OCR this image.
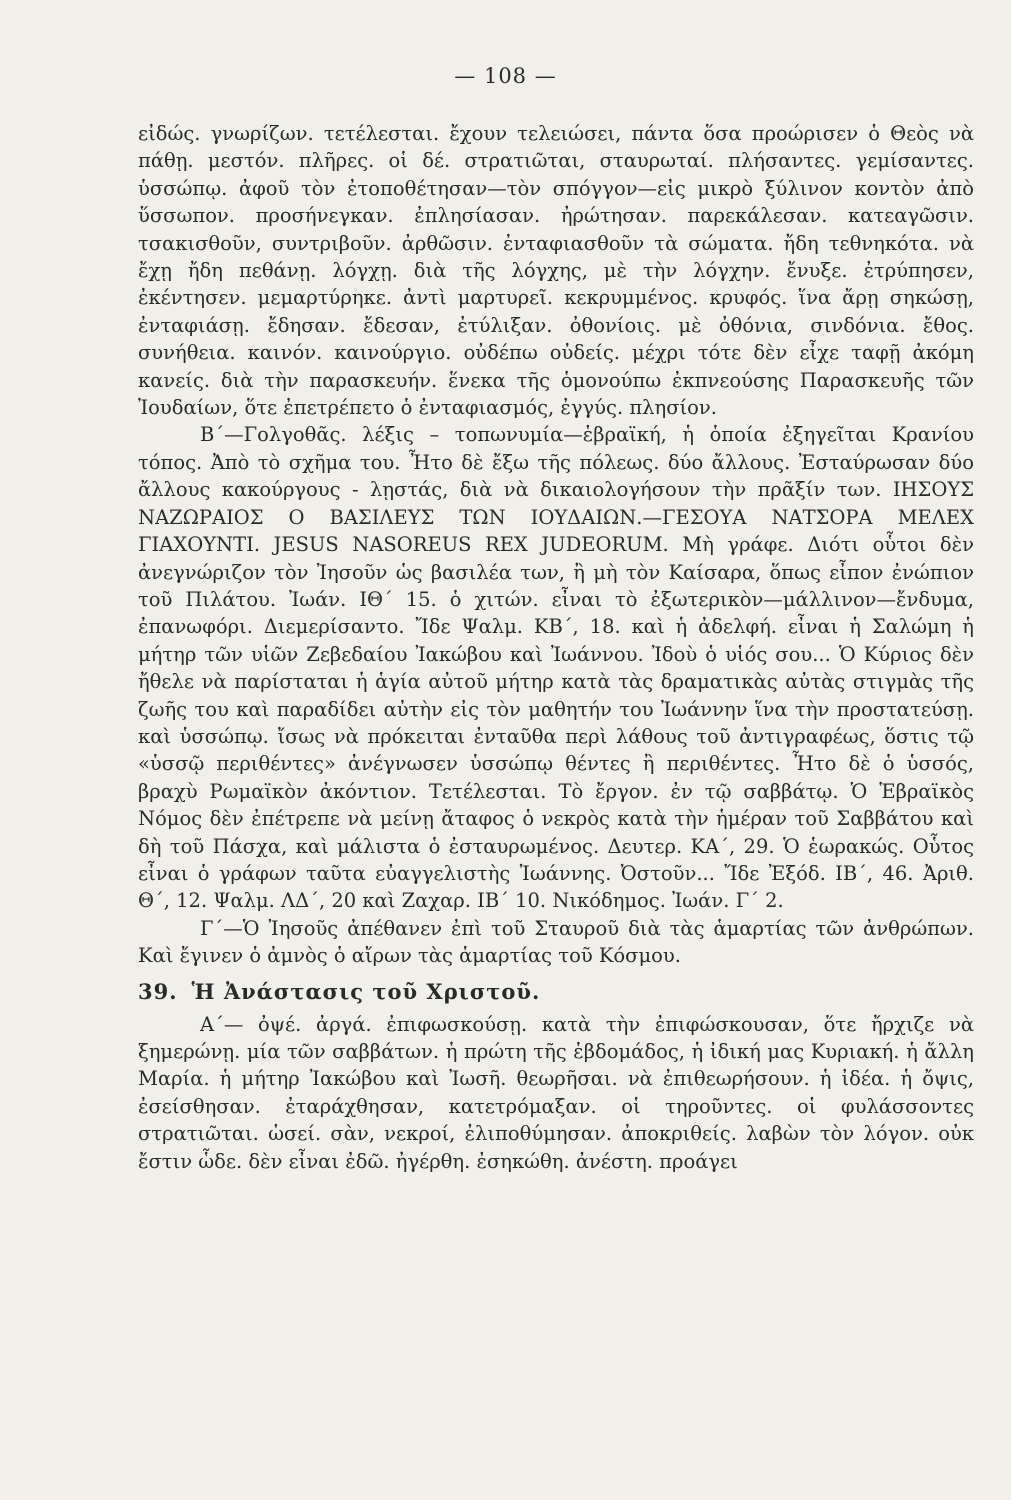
— 108 —

εἰδώς. γνωρίζων. τετέλεσται. ἔχουν τελειώσει, πάντα ὅσα προώρισεν ὁ Θεὸς νὰ πάθῃ. μεστόν. πλῆρες. οἱ δέ. στρατιῶται, σταυρωταί. πλήσαντες. γεμίσαντες. ὑσσώπῳ. ἀφοῦ τὸν ἐτοποθέτησαν—τὸν σπόγγον—εἰς μικρὸ ξύλινον κοντὸν ἀπὸ ὕσσωπον. προσήνεγκαν. ἐπλησίασαν. ἠρώτησαν. παρεκάλεσαν. κατεαγῶσιν. τσακισθοῦν, συντριβοῦν. ἀρθῶσιν. ἐνταφιασθοῦν τὰ σώματα. ἤδη τεθνηκότα. νὰ ἔχῃ ἤδη πεθάνῃ. λόγχῃ. διὰ τῆς λόγχης, μὲ τὴν λόγχην. ἔνυξε. ἐτρύπησεν, ἐκέντησεν. μεμαρτύρηκε. ἀντὶ μαρτυρεῖ. κεκρυμμένος. κρυφός. ἵνα ἄρῃ σηκώσῃ, ἐνταφιάσῃ. ἔδησαν. ἔδεσαν, ἐτύλιξαν. ὀθονίοις. μὲ ὀθόνια, σινδόνια. ἔθος. συνήθεια. καινόν. καινούργιο. οὐδέπω οὐδείς. μέχρι τότε δὲν εἶχε ταφῇ ἀκόμη κανείς. διὰ τὴν παρασκευήν. ἕνεκα τῆς ὁμονούπω ἐκπνεούσης Παρασκευῆς τῶν Ἰουδαίων, ὅτε ἐπετρέπετο ὁ ἐνταφιασμός, ἐγγύς. πλησίον.

Β΄—Γολγοθᾶς. λέξις – τοπωνυμία—ἑβραϊκή, ἡ ὁποία ἐξηγεῖται Κρανίου τόπος. Ἀπὸ τὸ σχῆμα του. Ἦτο δὲ ἔξω τῆς πόλεως. δύο ἄλλους. Ἐσταύρωσαν δύο ἄλλους κακούργους - λῃστάς, διὰ νὰ δικαιολογήσουν τὴν πρᾶξίν των. ΙΗΣΟΥΣ ΝΑΖΩΡΑΙΟΣ Ο ΒΑΣΙΛΕΥΣ ΤΩΝ ΙΟΥΔΑΙΩΝ.—ΓΕΣΟΥΑ ΝΑΤΣΟΡΑ ΜΕΛΕΧ ΓΙΑΧΟΥΝΤΙ. JESUS NASOREUS REX JUDEORUM. Μὴ γράφε. Διότι οὗτοι δὲν ἀνεγνώριζον τὸν Ἰησοῦν ὡς βασιλέα των, ἢ μὴ τὸν Καίσαρα, ὅπως εἶπον ἐνώπιον τοῦ Πιλάτου. Ἰωάν. ΙΘ΄ 15. ὁ χιτών. εἶναι τὸ ἐξωτερικὸν—μάλλινον—ἔνδυμα, ἐπανωφόρι. Διεμερίσαντο. Ἴδε Ψαλμ. ΚΒ΄, 18. καὶ ἡ ἀδελφή. εἶναι ἡ Σαλώμη ἡ μήτηρ τῶν υἱῶν Ζεβεδαίου Ἰακώβου καὶ Ἰωάννου. Ἰδοὺ ὁ υἱός σου... Ὁ Κύριος δὲν ἤθελε νὰ παρίσταται ἡ ἁγία αὐτοῦ μήτηρ κατὰ τὰς δραματικὰς αὐτὰς στιγμὰς τῆς ζωῆς του καὶ παραδίδει αὐτὴν εἰς τὸν μαθητήν του Ἰωάννην ἵνα τὴν προστατεύσῃ. καὶ ὑσσώπῳ. ἴσως νὰ πρόκειται ἐνταῦθα περὶ λάθους τοῦ ἀντιγραφέως, ὅστις τῷ «ὑσσῷ περιθέντες» ἀνέγνωσεν ὑσσώπῳ θέντες ἢ περιθέντες. Ἦτο δὲ ὁ ὑσσός, βραχὺ Ρωμαϊκὸν ἀκόντιον. Τετέλεσται. Τὸ ἔργον. ἐν τῷ σαββάτῳ. Ὁ Ἑβραϊκὸς Νόμος δὲν ἐπέτρεπε νὰ μείνῃ ἄταφος ὁ νεκρὸς κατὰ τὴν ἡμέραν τοῦ Σαββάτου καὶ δὴ τοῦ Πάσχα, καὶ μάλιστα ὁ ἐσταυρωμένος. Δευτερ. ΚΑ΄, 29. Ὁ ἑωρακώς. Οὗτος εἶναι ὁ γράφων ταῦτα εὐαγγελιστὴς Ἰωάννης. Ὀστοῦν... Ἴδε Ἐξόδ. ΙΒ΄, 46. Ἀριθ. Θ΄, 12. Ψαλμ. ΛΔ΄, 20 καὶ Ζαχαρ. ΙΒ΄ 10. Νικόδημος. Ἰωάν. Γ΄ 2.

Γ΄—Ὁ Ἰησοῦς ἀπέθανεν ἐπὶ τοῦ Σταυροῦ διὰ τὰς ἁμαρτίας τῶν ἀνθρώπων. Καὶ ἔγινεν ὁ ἀμνὸς ὁ αἴρων τὰς ἁμαρτίας τοῦ Κόσμου.

39. Ἡ Ἀνάστασις τοῦ Χριστοῦ.

Α΄— ὀψέ. ἀργά. ἐπιφωσκούσῃ. κατὰ τὴν ἐπιφώσκουσαν, ὅτε ἤρχιζε νὰ ξημερώνῃ. μία τῶν σαββάτων. ἡ πρώτη τῆς ἑβδομάδος, ἡ ἰδική μας Κυριακή. ἡ ἄλλη Μαρία. ἡ μήτηρ Ἰακώβου καὶ Ἰωσῆ. θεωρῆσαι. νὰ ἐπιθεωρήσουν. ἡ ἰδέα. ἡ ὄψις, ἐσείσθησαν. ἐταράχθησαν, κατετρόμαξαν. οἱ τηροῦντες. οἱ φυλάσσοντες στρατιῶται. ὡσεί. σὰν, νεκροί, ἐλιποθύμησαν. ἀποκριθείς. λαβὼν τὸν λόγον. οὐκ ἔστιν ὧδε. δὲν εἶναι ἐδῶ. ἠγέρθη. ἐσηκώθη. ἀνέστη. προάγει
